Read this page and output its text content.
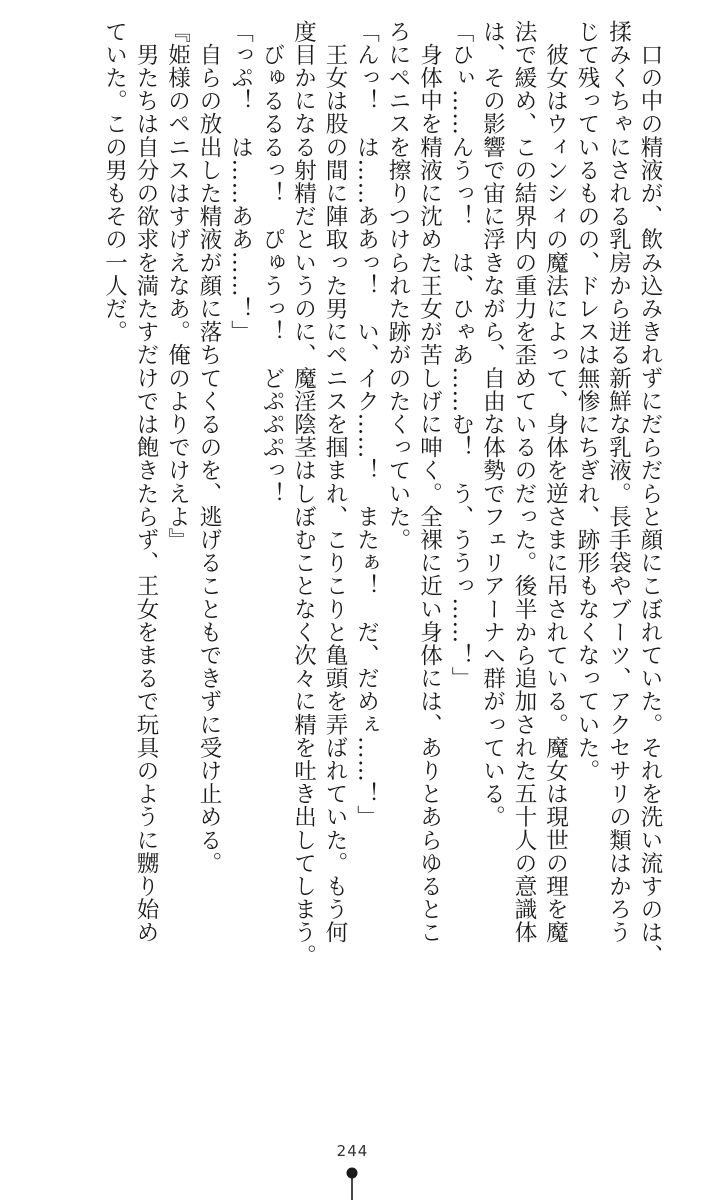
　口の中の精液が、飲み込みきれずにだらだらと顔にこぼれていた。それを洗い流すのは、
揉みくちゃにされる乳房から迸る新鮮な乳液。長手袋やブーツ、アクセサリの類はかろう
じて残っているものの、ドレスは無惨にちぎれ、跡形もなくなっていた。
　彼女はウィンシィの魔法によって、身体を逆さまに吊されている。魔女は現世の理を魔
法で緩め、この結界内の重力を歪めているのだった。後半から追加された五十人の意識体
は、その影響で宙に浮きながら、自由な体勢でフェリアーナへ群がっている。
「ひぃ……んうっ！　は、ひゃあ……む！　う、ううっ……！」
　身体中を精液に沈めた王女が苦しげに呻く。全裸に近い身体には、ありとあらゆるとこ
ろにペニスを擦りつけられた跡がのたくっていた。
「んっ！　は……ああっ！　い、イク……！　またぁ！　だ、だめぇ……！」
　王女は股の間に陣取った男にペニスを掴まれ、こりこりと亀頭を弄ばれていた。もう何
度目かになる射精だというのに、魔淫陰茎はしぼむことなく次々に精を吐き出してしまう。
　びゅるるるっ！　ぴゅうっ！　どぷぷぷっ！
「っぷ！　は……ああ……！」
　自らの放出した精液が顔に落ちてくるのを、逃げることもできずに受け止める。
『姫様のペニスはすげえなあ。俺のよりでけえよ』
　男たちは自分の欲求を満たすだけでは飽きたらず、王女をまるで玩具のように嬲り始め
ていた。この男もその一人だ。
244
